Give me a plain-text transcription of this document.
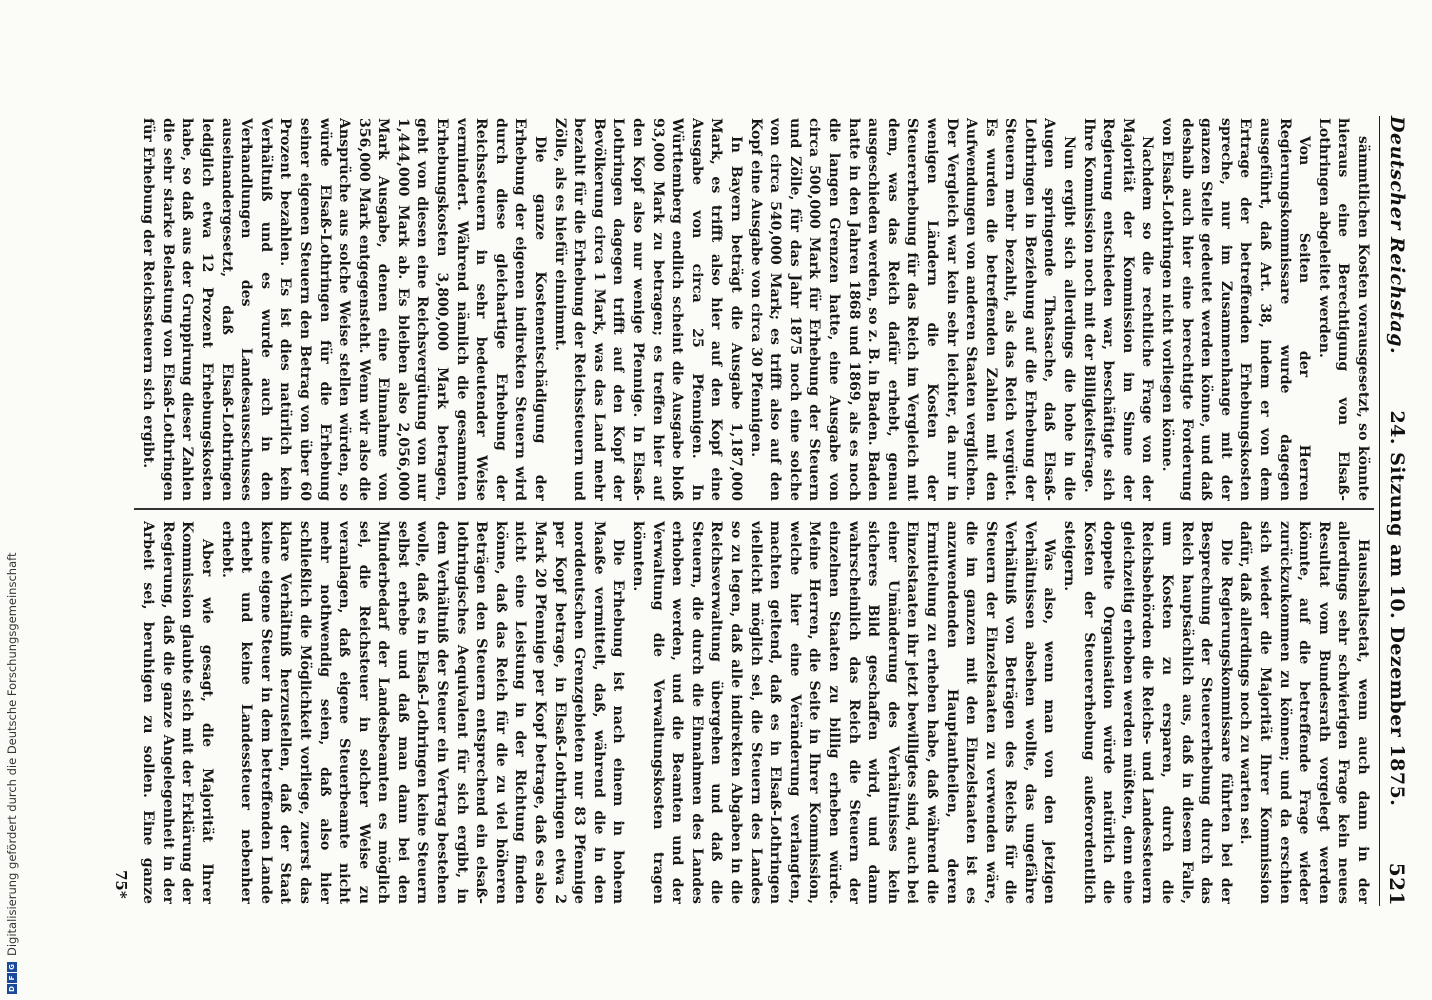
Deutscher Reichstag.
24. Sitzung am 10. Dezember 1875.
521

sämmtlichen Kosten vorausgesetzt, so könnte hieraus eine Berechtigung von Elsaß-Lothringen abgeleitet werden.

Von Seiten der Herren Regierungskommissare wurde dagegen ausgeführt, daß Art. 38, indem er von dem Ertrage der betreffenden Erhebungskosten spreche, nur im Zusammenhange mit der ganzen Stelle gedeutet werden könne, und daß deshalb auch hier eine berechtigte Forderung von Elsaß-Lothringen nicht vorliegen könne.

Nachdem so die rechtliche Frage von der Majorität der Kommission im Sinne der Regierung entschieden war, beschäftigte sich Ihre Kommission noch mit der Billigkeitsfrage.

Nun ergibt sich allerdings die hohe in die Augen springende Thatsache, daß Elsaß-Lothringen in Beziehung auf die Erhebung der Steuern mehr bezahlt, als das Reich vergütet. Es wurden die betreffenden Zahlen mit den Aufwendungen von anderen Staaten verglichen. Der Vergleich war kein sehr leichter, da nur in wenigen Ländern die Kosten der Steuererhebung für das Reich im Vergleich mit dem, was das Reich dafür erhebt, genau ausgeschieden werden, so z. B. in Baden. Baden hatte in den Jahren 1868 und 1869, als es noch die langen Grenzen hatte, eine Ausgabe von circa 500,000 Mark für Erhebung der Steuern und Zölle, für das Jahr 1875 noch eine solche von circa 540,000 Mark; es trifft also auf den Kopf eine Ausgabe von circa 30 Pfennigen.

In Bayern beträgt die Ausgabe 1,187,000 Mark, es trifft also hier auf den Kopf eine Ausgabe von circa 25 Pfennigen. In Württemberg endlich scheint die Ausgabe bloß 93,000 Mark zu betragen; es treffen hier auf den Kopf also nur wenige Pfennige. In Elsaß-Lothringen dagegen trifft auf den Kopf der Bevölkerung circa 1 Mark, was das Land mehr bezahlt für die Erhebung der Reichssteuern und Zölle, als es hiefür einnimmt.

Die ganze Kostenentschädigung der Erhebung der eigenen indirekten Steuern wird durch diese gleichartige Erhebung der Reichssteuern in sehr bedeutender Weise vermindert. Während nämlich die gesammten Erhebungskosten 3,800,000 Mark betragen, geht von diesen eine Reichsvergütung von nur 1,444,000 Mark ab. Es bleiben also 2,056,000 Mark Ausgabe, denen eine Einnahme von 356,000 Mark entgegensteht. Wenn wir also die Ansprüche aus solche Weise stellen würden, so würde Elsaß-Lothringen für die Erhebung seiner eigenen Steuern den Betrag von über 60 Prozent bezahlen. Es ist dies natürlich kein Verhältniß und es wurde auch in den Verhandlungen des Landesausschusses auseinandergesetzt, daß Elsaß-Lothringen lediglich etwa 12 Prozent Erhebungskosten habe, so daß aus der Gruppirung dieser Zahlen die sehr starke Belastung von Elsaß-Lothringen für Erhebung der Reichssteuern sich ergibt.

Hausshaltsetat, wenn auch dann in der allerdings sehr schwierigen Frage kein neues Resultat vom Bundesrath vorgelegt werden könnte, auf die betreffende Frage wieder zurückzukommen zu können; und da erschien sich wieder die Majorität Ihrer Kommission dafür, daß allerdings noch zu warten sei.

Die Regierungskommissare führten bei der Besprechung der Steuererhebung durch das Reich hauptsächlich aus, daß in diesem Falle, um Kosten zu ersparen, durch die Reichsbehörden die Reichs- und Landessteuern gleichzeitig erhoben werden müßten, denn eine doppelte Organisation würde natürlich die Kosten der Steuererhebung außerordentlich steigern.

Was also, wenn man von den jetzigen Verhältnissen absehen wollte, das ungefähre Verhältniß von Beträgen des Reichs für die Steuern der Einzelstaaten zu verwenden wäre, die im ganzen mit den Einzelstaaten ist es anzuwendenden Hauptantheilen, deren Ermittelung zu erheben habe, daß während die Einzelstaaten ihr jetzt bewilligtes sind, auch bei einer Umänderung des Verhältnisses kein sicheres Bild geschaffen wird, und dann wahrscheinlich das Reich die Steuern der einzelnen Staaten zu billig erheben würde. Meine Herren, die Seite in Ihrer Kommission, welche hier eine Veränderung verlangten, machten geltend, daß es in Elsaß-Lothringen vielleicht möglich sei, die Steuern des Landes so zu legen, daß alle indirekten Abgaben in die Reichsverwaltung übergehen und daß die Steuern, die durch die Einnahmen des Landes erhoben werden, und die Beamten und der Verwaltung die Verwaltungskosten tragen könnten.

Die Erhebung ist nach einem in hohem Maaße vermittelt, daß, während die in den norddeutschen Grenzgebieten nur 83 Pfennige per Kopf betrage, in Elsaß-Lothringen etwa 2 Mark 20 Pfennige per Kopf betrage, daß es also nicht eine Leistung in der Richtung finden könne, daß das Reich für die zu viel höheren Beträgen den Steuern entsprechend ein elsaß-lothringisches Aequivalent für sich ergibt, in dem Verhältniß der Steuer ein Vertrag bestehen wolle, daß es in Elsaß-Lothringen keine Steuern selbst erhebe und daß man dann bei den Minderbedarf der Landesbeamten es möglich sei, die Reichsteuer in solcher Weise zu veranlagen, daß eigene Steuerbeamte nicht mehr nothwendig seien, daß also hier schließlich die Möglichkeit vorliege, zuerst das klare Verhältniß herzustellen, daß der Staat keine eigene Steuer in dem betreffenden Lande erhebt und keine Landessteuer nebenher erhebt.

Aber wie gesagt, die Majorität Ihrer Kommission glaubte sich mit der Erklärung der Regierung, daß die ganze Angelegenheit in der Arbeit sei, beruhigen zu sollen. Eine ganze

75*
D
F
G
Digitalisierung gefördert durch die Deutsche Forschungsgemeinschaft
